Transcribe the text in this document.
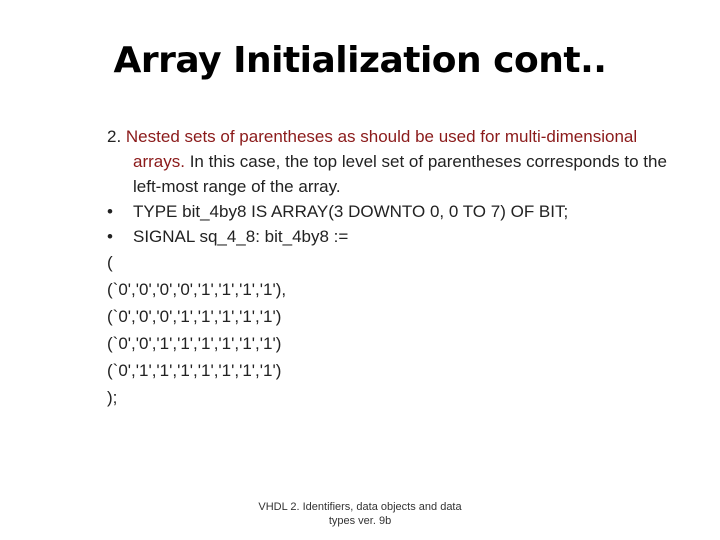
Array Initialization cont..

2. Nested sets of parentheses as should be used for multi-dimensional arrays. In this case, the top level set of parentheses corresponds to the left-most range of the array.

• TYPE bit_4by8 IS ARRAY(3 DOWNTO 0, 0 TO 7) OF BIT;

• SIGNAL sq_4_8: bit_4by8 :=

(
(`0','0','0','0','1','1','1','1'),
(`0','0','0','1','1','1','1','1')
(`0','0','1','1','1','1','1','1')
(`0','1','1','1','1','1','1','1')
);
VHDL 2. Identifiers, data objects and data types ver. 9b
